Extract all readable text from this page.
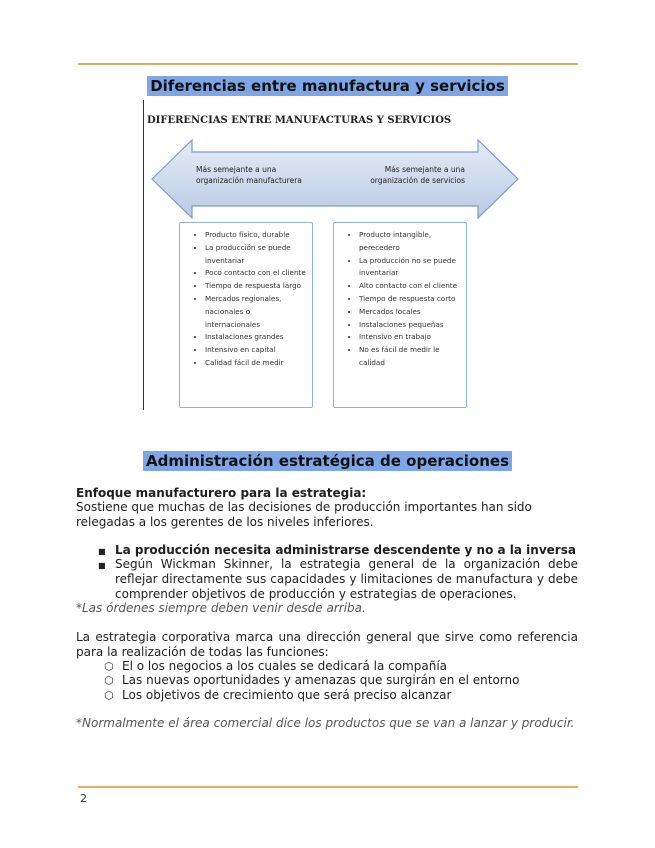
Diferencias entre manufactura y servicios
DIFERENCIAS ENTRE MANUFACTURAS Y SERVICIOS
Más semejante a una organización manufacturera
Más semejante a una organización de servicios
• Producto físico, durable
• La producción se puede inventariar
• Poco contacto con el cliente
• Tiempo de respuesta largo
• Mercados regionales, nacionales o internacionales
• Instalaciones grandes
• Intensivo en capital
• Calidad fácil de medir
• Producto intangible, perecedero
• La producción no se puede inventariar
• Alto contacto con el cliente
• Tiempo de respuesta corto
• Mercados locales
• Instalaciones pequeñas
• Intensivo en trabajo
• No es fácil de medir le calidad
Administración estratégica de operaciones
Enfoque manufacturero para la estrategia:
Sostiene que muchas de las decisiones de producción importantes han sido relegadas a los gerentes de los niveles inferiores.
■ La producción necesita administrarse descendente y no a la inversa
■ Según Wickman Skinner, la estrategia general de la organización debe reflejar directamente sus capacidades y limitaciones de manufactura y debe comprender objetivos de producción y estrategias de operaciones.
*Las órdenes siempre deben venir desde arriba.
La estrategia corporativa marca una dirección general que sirve como referencia para la realización de todas las funciones:
⬡ El o los negocios a los cuales se dedicará la compañía
⬡ Las nuevas oportunidades y amenazas que surgirán en el entorno
⬡ Los objetivos de crecimiento que será preciso alcanzar
*Normalmente el área comercial dice los productos que se van a lanzar y producir.
2
